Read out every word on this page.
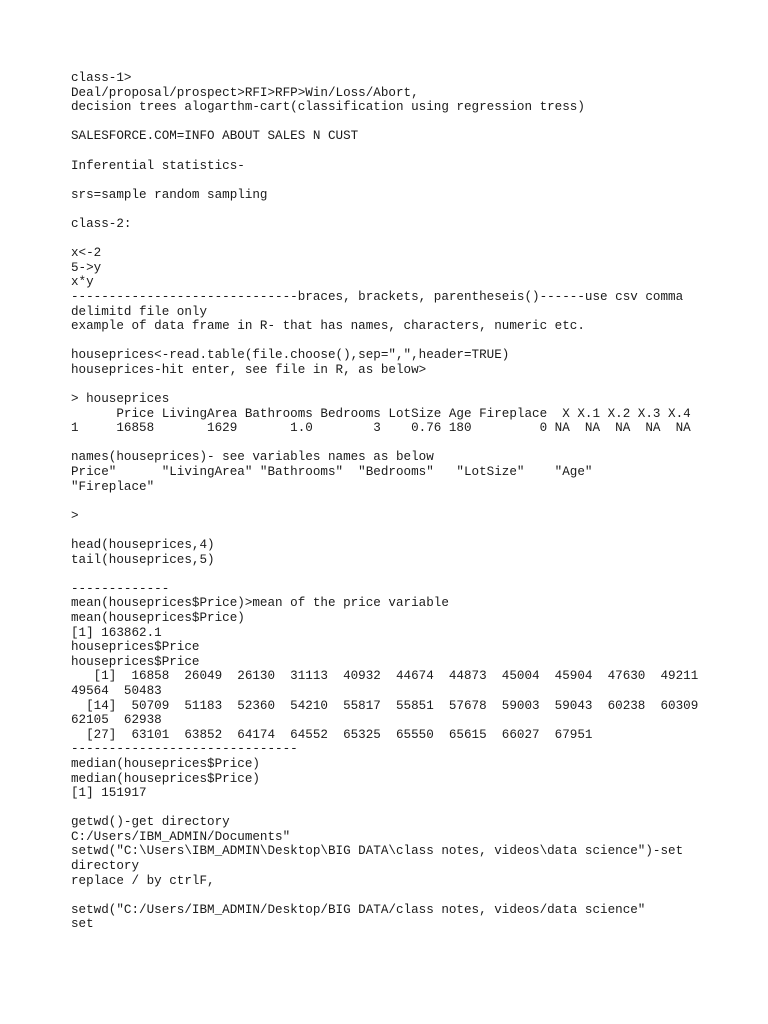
class-1>
Deal/proposal/prospect>RFI>RFP>Win/Loss/Abort,
decision trees alogarthm-cart(classification using regression tress)
SALESFORCE.COM=INFO ABOUT SALES N CUST
Inferential statistics-
srs=sample random sampling
class-2:
x<-2
5->y
x*y
------------------------------braces, brackets, parentheseis()------use csv comma
delimitd file only
example of data frame in R- that has names, characters, numeric etc.
houseprices<-read.table(file.choose(),sep=",",header=TRUE)
houseprices-hit enter, see file in R, as below>
> houseprices
Price LivingArea Bathrooms Bedrooms LotSize Age Fireplace  X X.1 X.2 X.3 X.4
1     16858       1629       1.0        3    0.76 180         0 NA  NA  NA  NA  NA
names(houseprices)- see variables names as below
Price"      "LivingArea" "Bathrooms"  "Bedrooms"   "LotSize"    "Age"
"Fireplace"
>
head(houseprices,4)
tail(houseprices,5)
-------------
mean(houseprices$Price)>mean of the price variable
mean(houseprices$Price)
[1] 163862.1
houseprices$Price
houseprices$Price
[1]  16858  26049  26130  31113  40932  44674  44873  45004  45904  47630  49211
49564  50483
[14]  50709  51183  52360  54210  55817  55851  57678  59003  59043  60238  60309
62105  62938
[27]  63101  63852  64174  64552  65325  65550  65615  66027  67951
------------------------------
median(houseprices$Price)
median(houseprices$Price)
[1] 151917
getwd()-get directory
C:/Users/IBM_ADMIN/Documents"
setwd("C:\Users\IBM_ADMIN\Desktop\BIG DATA\class notes, videos\data science")-set
directory
replace / by ctrlF,
setwd("C:/Users/IBM_ADMIN/Desktop/BIG DATA/class notes, videos/data science"
set
